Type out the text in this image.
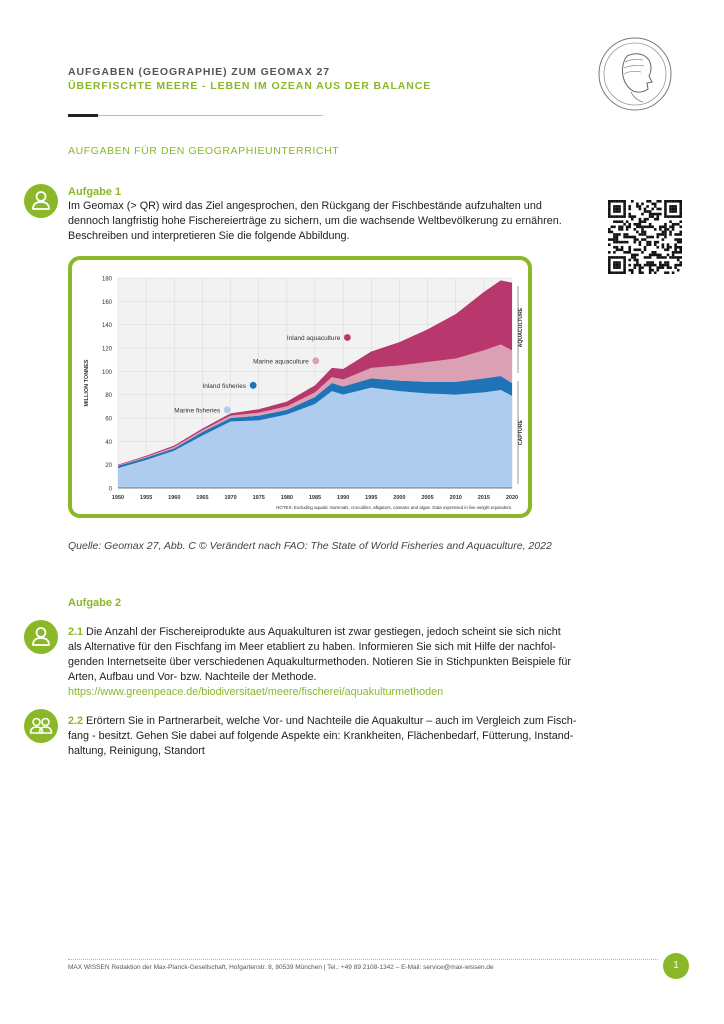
AUFGABEN (GEOGRAPHIE) ZUM GEOMAX 27
ÜBERFISCHTE MEERE - LEBEN IM OZEAN AUS DER BALANCE
AUFGABEN FÜR DEN GEOGRAPHIEUNTERRICHT
Aufgabe 1
Im Geomax (> QR) wird das Ziel angesprochen, den Rückgang der Fischbestände aufzuhalten und
dennoch langfristig hohe Fischereierträge zu sichern, um die wachsende Weltbevölkerung zu ernähren.
Beschreiben und interpretieren Sie die folgende Abbildung.
0
20
40
60
80
100
120
140
160
180
1950	1955	1960	1965	1970	1975	1980	1985	1990	1995	2000	2005	2010	2015	2020
MILLION TONNES
AQUACULTURE
CAPTURE
Marine fisheries
Inland fisheries
Marine aquaculture
Inland aquaculture
NOTES: Excluding aquatic mammals, crocodiles, alligators, caimans and algae. Data expressed in live weight equivalent.
Quelle: Geomax 27, Abb. C © Verändert nach FAO: The State of World Fisheries and Aquaculture, 2022
Aufgabe 2
2.1 Die Anzahl der Fischereiprodukte aus Aquakulturen ist zwar gestiegen, jedoch scheint sie sich nicht
als Alternative für den Fischfang im Meer etabliert zu haben. Informieren Sie sich mit Hilfe der nachfol-
genden Internetseite über verschiedenen Aquakulturmethoden. Notieren Sie in Stichpunkten Beispiele für
Arten, Aufbau und Vor- bzw. Nachteile der Methode.
https://www.greenpeace.de/biodiversitaet/meere/fischerei/aquakulturmethoden
2.2 Erörtern Sie in Partnerarbeit, welche Vor- und Nachteile die Aquakultur – auch im Vergleich zum Fisch-
fang - besitzt. Gehen Sie dabei auf folgende Aspekte ein: Krankheiten, Flächenbedarf, Fütterung, Instand-
haltung, Reinigung, Standort
MAX WISSEN Redaktion der Max-Planck-Gesellschaft, Hofgartenstr. 8, 80539 München | Tel.: +49 89 2108-1342 – E-Mail: service@max-wissen.de	1
